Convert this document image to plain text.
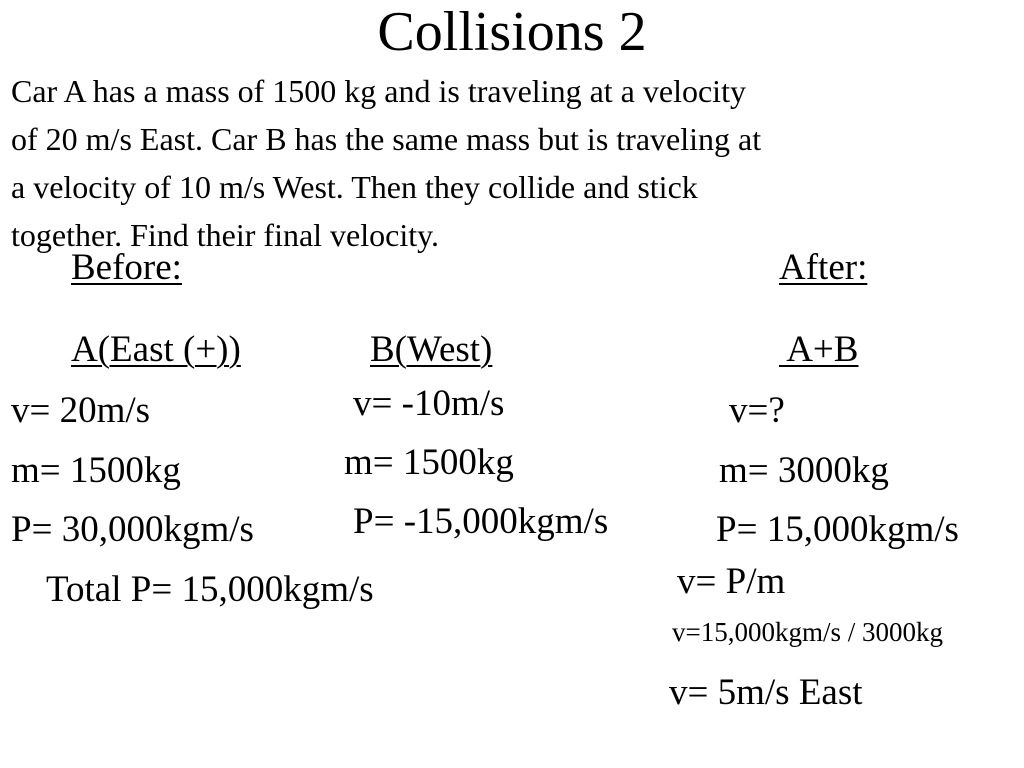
Collisions 2
Car A has a mass of 1500 kg and is traveling at a velocity
of 20 m/s East. Car B has the same mass but is traveling at
a velocity of 10 m/s West. Then they collide and stick
together. Find their final velocity.
Before:	After:
A(East (+))	B(West)	A+B
v= 20m/s
m= 1500kg
P= 30,000kgm/s
Total P= 15,000kgm/s
v= -10m/s
m= 1500kg
P= -15,000kgm/s
v=?
m= 3000kg
P= 15,000kgm/s
v= P/m
v=15,000kgm/s / 3000kg
v= 5m/s East
